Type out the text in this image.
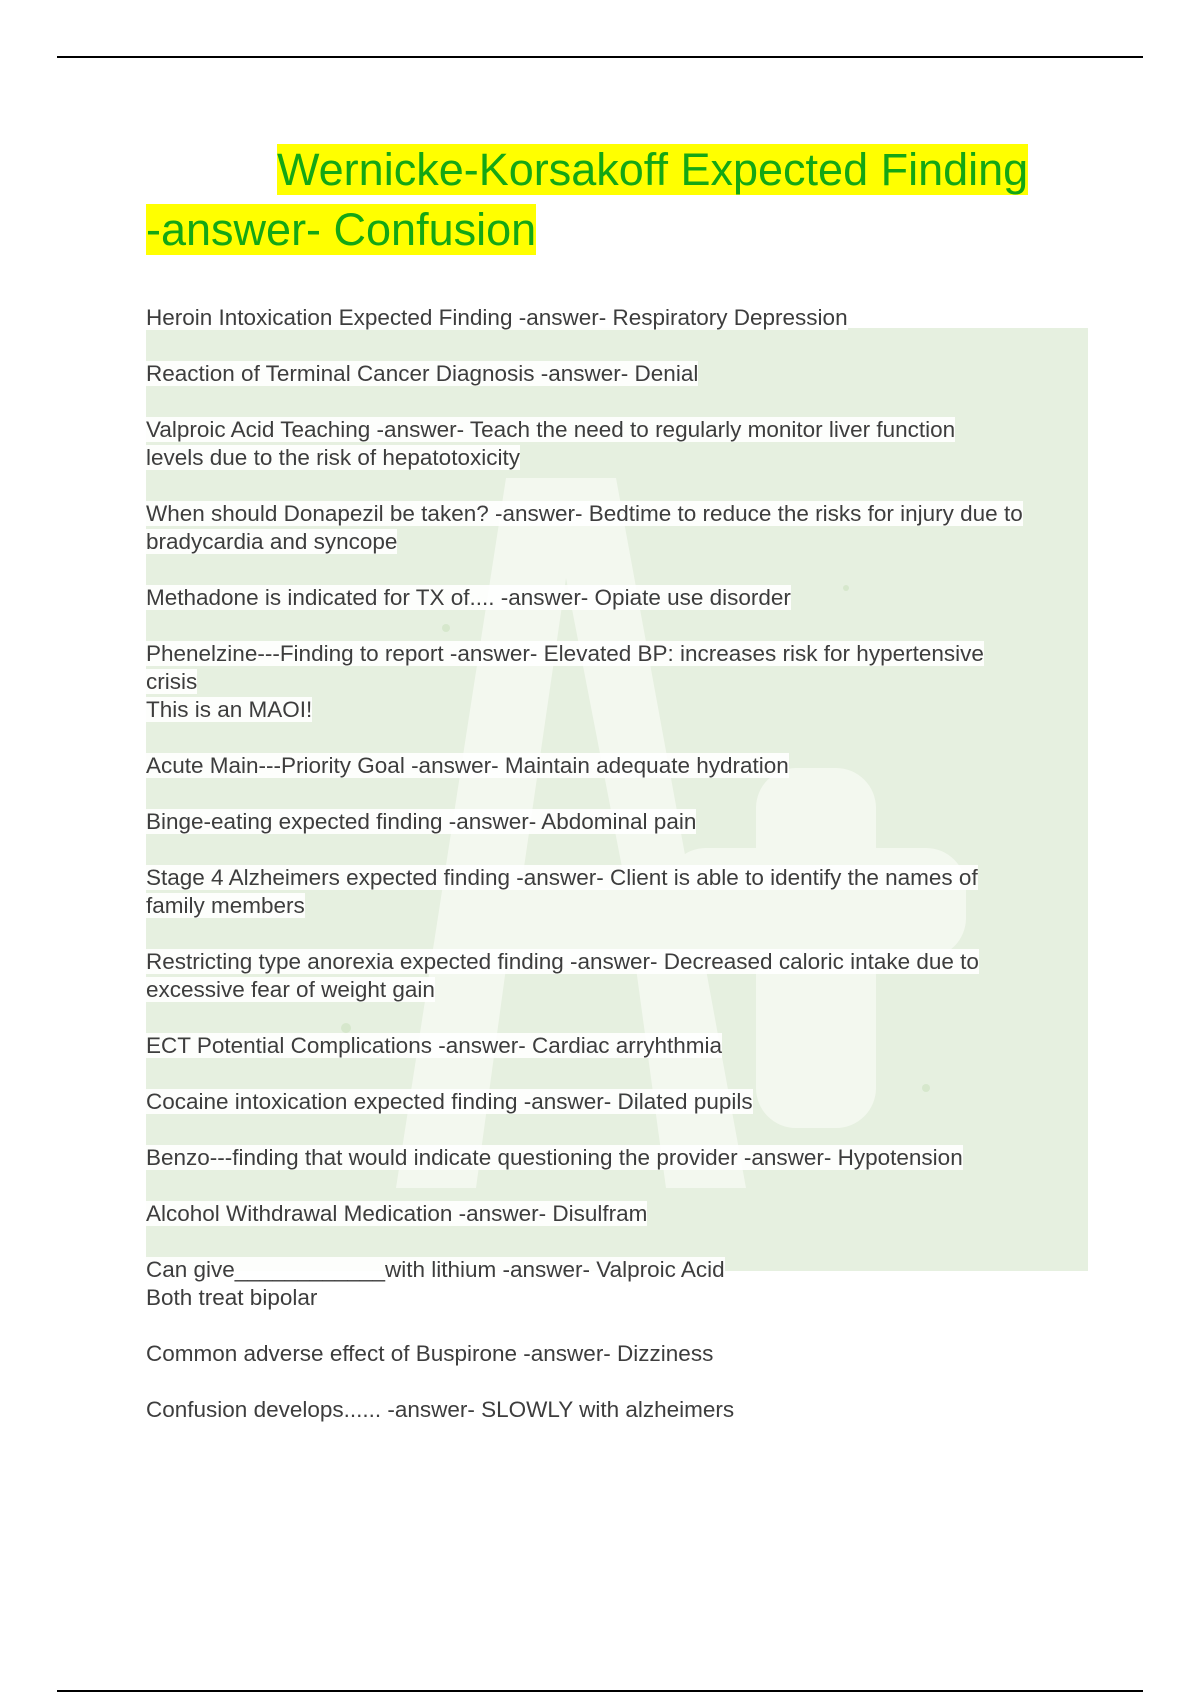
Wernicke-Korsakoff Expected Finding
-answer- Confusion
Heroin Intoxication Expected Finding -answer- Respiratory Depression
Reaction of Terminal Cancer Diagnosis -answer- Denial
Valproic Acid Teaching -answer- Teach the need to regularly monitor liver function
levels due to the risk of hepatotoxicity
When should Donapezil be taken? -answer- Bedtime to reduce the risks for injury due to
bradycardia and syncope
Methadone is indicated for TX of.... -answer- Opiate use disorder
Phenelzine---Finding to report -answer- Elevated BP: increases risk for hypertensive
crisis
This is an MAOI!
Acute Main---Priority Goal -answer- Maintain adequate hydration
Binge-eating expected finding -answer- Abdominal pain
Stage 4 Alzheimers expected finding -answer- Client is able to identify the names of
family members
Restricting type anorexia expected finding -answer- Decreased caloric intake due to
excessive fear of weight gain
ECT Potential Complications -answer- Cardiac arryhthmia
Cocaine intoxication expected finding -answer- Dilated pupils
Benzo---finding that would indicate questioning the provider -answer- Hypotension
Alcohol Withdrawal Medication -answer- Disulfram
Can give____________with lithium -answer- Valproic Acid
Both treat bipolar
Common adverse effect of Buspirone -answer- Dizziness
Confusion develops...... -answer- SLOWLY with alzheimers
